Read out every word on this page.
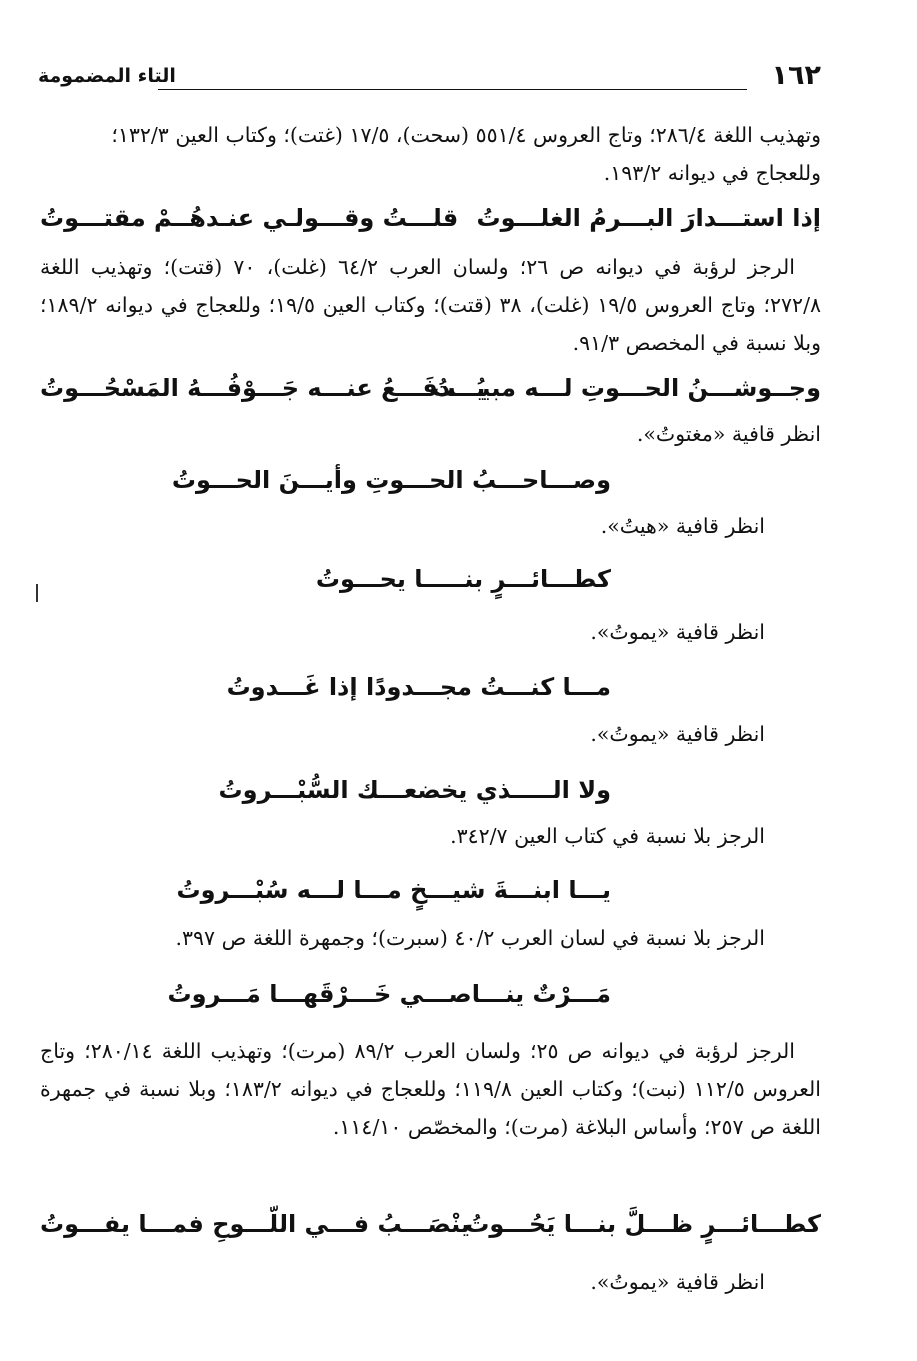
١٦٢
التاء المضمومة

وتهذيب اللغة ٢٨٦/٤؛ وتاج العروس ٥٥١/٤ (سحت)، ١٧/٥ (غتت)؛ وكتاب العين ١٣٢/٣؛ وللعجاج في ديوانه ١٩٣/٢.

إذا استـــدارَ البـــرمُ الغلـــوتُ
قلـــتُ وقـــولـي عنـدهُــمْ مقتـــوتُ

الرجز لرؤبة في ديوانه ص ٢٦؛ ولسان العرب ٦٤/٢ (غلت)، ٧٠ (قتت)؛ وتهذيب اللغة ٢٧٢/٨؛ وتاج العروس ١٩/٥ (غلت)، ٣٨ (قتت)؛ وكتاب العين ١٩/٥؛ وللعجاج في ديوانه ١٨٩/٢؛ وبلا نسبة في المخصص ٩١/٣.

وجــوشـــنُ الحـــوتِ لـــه مبيـــتُ
يُـــدفَـــعُ عنـــه جَـــوْفُـــهُ المَسْحُـــوتُ
انظر قافية «مغتوتُ».
وصـــاحـــبُ الحـــوتِ وأيـــنَ الحـــوتُ
انظر قافية «هيتُ».
كطـــائـــرٍ بنـــــا يحـــوتُ
انظر قافية «يموتُ».
مـــا كنـــتُ مجـــدودًا إذا غَـــدوتُ
انظر قافية «يموتُ».
ولا الـــــذي يخضعـــك السُّبْـــروتُ
الرجز بلا نسبة في كتاب العين ٣٤٢/٧.
يـــا ابنـــةَ شيـــخٍ مـــا لـــه سُبْـــروتُ
الرجز بلا نسبة في لسان العرب ٤٠/٢ (سبرت)؛ وجمهرة اللغة ص ٣٩٧.
مَـــرْتٌ ينـــاصـــي خَـــرْقَهـــا مَـــروتُ

الرجز لرؤبة في ديوانه ص ٢٥؛ ولسان العرب ٨٩/٢ (مرت)؛ وتهذيب اللغة ٢٨٠/١٤؛ وتاج العروس ١١٢/٥ (نبت)؛ وكتاب العين ١١٩/٨؛ وللعجاج في ديوانه ١٨٣/٢؛ وبلا نسبة في جمهرة اللغة ص ٢٥٧؛ وأساس البلاغة (مرت)؛ والمخصّص ١١٤/١٠.

كطـــائـــرٍ ظـــلَّ بنـــا يَحُـــوتُ
ينْصَـــبُ فـــي اللّـــوحِ فمـــا يفـــوتُ
انظر قافية «يموتُ».
